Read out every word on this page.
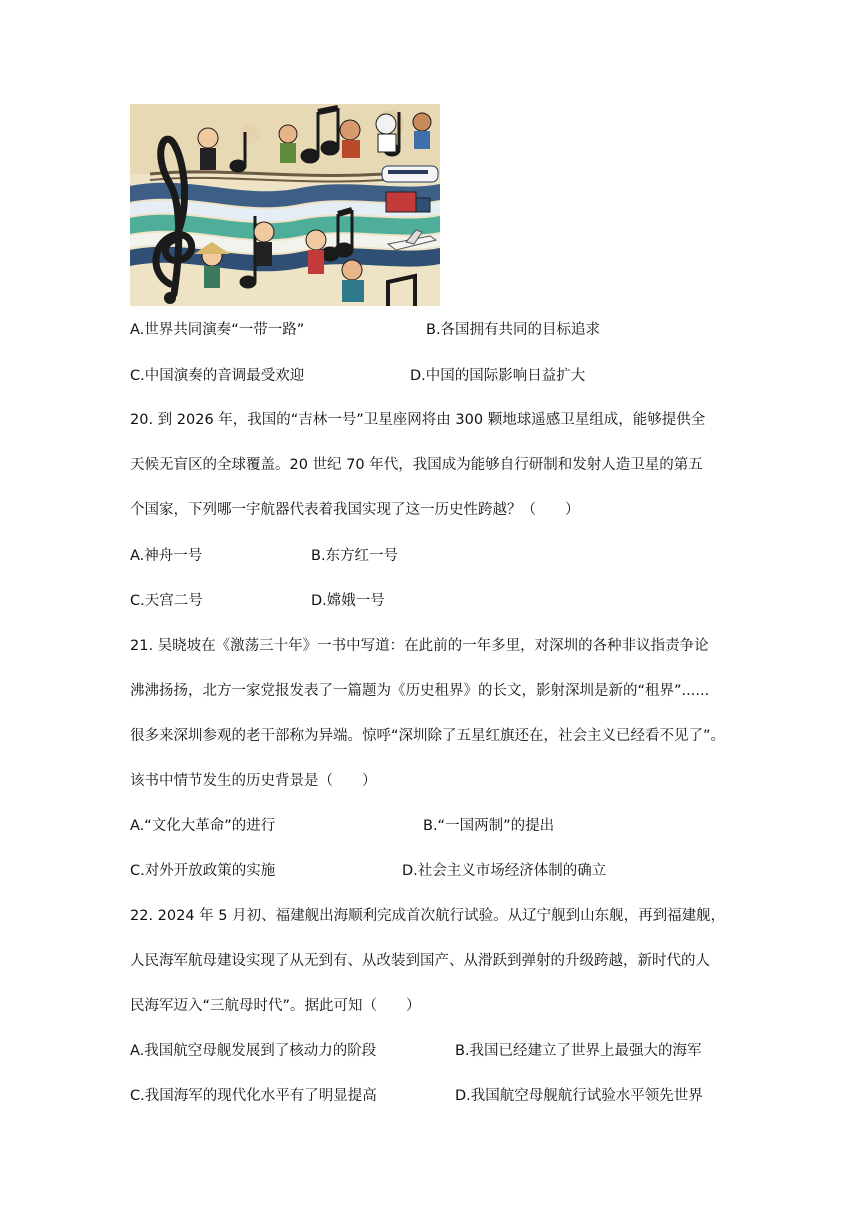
A.世界共同演奏“一带一路”	B.各国拥有共同的目标追求
C.中国演奏的音调最受欢迎	D.中国的国际影响日益扩大
20. 到 2026 年，我国的“吉林一号”卫星座网将由 300 颗地球遥感卫星组成，能够提供全
天候无盲区的全球覆盖。20 世纪 70 年代，我国成为能够自行研制和发射人造卫星的第五
个国家，下列哪一宇航器代表着我国实现了这一历史性跨越？（　　）
A.神舟一号	B.东方红一号
C.天宫二号	D.嫦娥一号
21. 吴晓坡在《激荡三十年》一书中写道：在此前的一年多里，对深圳的各种非议指责争论
沸沸扬扬，北方一家党报发表了一篇题为《历史租界》的长文，影射深圳是新的“租界”......
很多来深圳参观的老干部称为异端。惊呼“深圳除了五星红旗还在，社会主义已经看不见了”。
该书中情节发生的历史背景是（　　）
A.“文化大革命”的进行	B.“一国两制”的提出
C.对外开放政策的实施	D.社会主义市场经济体制的确立
22. 2024 年 5 月初、福建舰出海顺利完成首次航行试验。从辽宁舰到山东舰，再到福建舰，
人民海军航母建设实现了从无到有、从改装到国产、从滑跃到弹射的升级跨越，新时代的人
民海军迈入“三航母时代”。据此可知（　　）
A.我国航空母舰发展到了核动力的阶段	B.我国已经建立了世界上最强大的海军
C.我国海军的现代化水平有了明显提高	D.我国航空母舰航行试验水平领先世界
